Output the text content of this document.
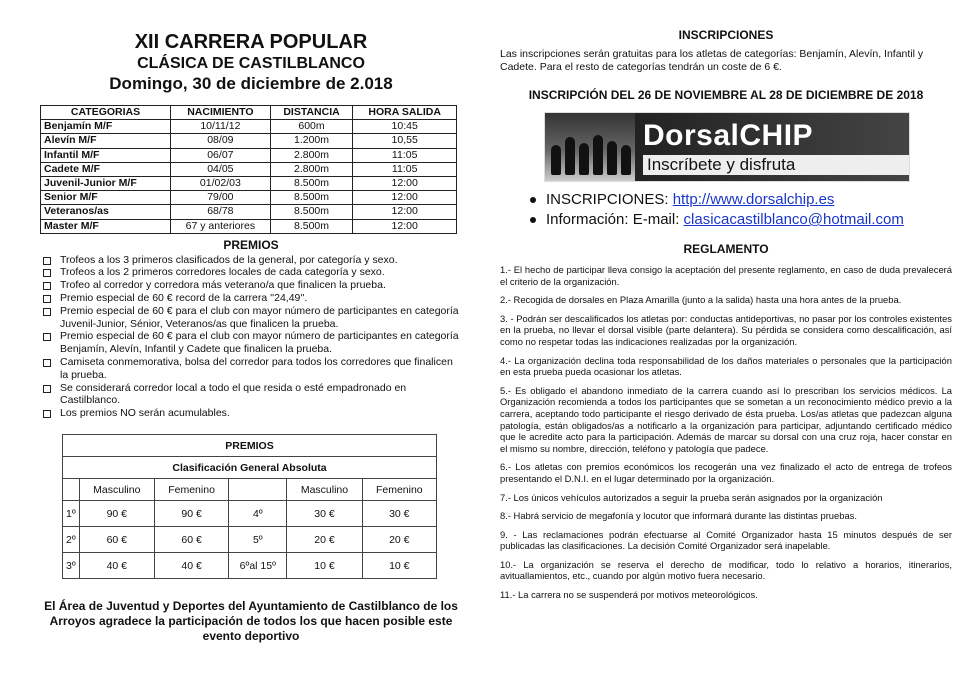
XII CARRERA POPULAR
CLÁSICA DE CASTILBLANCO
Domingo, 30 de diciembre de 2.018
CATEGORIAS	NACIMIENTO	DISTANCIA	HORA SALIDA
Benjamín M/F	10/11/12	600m	10:45
Alevín M/F	08/09	1.200m	10,55
Infantil M/F	06/07	2.800m	11:05
Cadete M/F	04/05	2.800m	11:05
Juvenil-Junior M/F	01/02/03	8.500m	12:00
Senior M/F	79/00	8.500m	12:00
Veteranos/as	68/78	8.500m	12:00
Master M/F	67 y anteriores	8.500m	12:00
PREMIOS
Trofeos a los 3 primeros clasificados de la general, por categoría y sexo.
Trofeos a los 2 primeros corredores locales de cada categoría y sexo.
Trofeo al corredor y corredora más veterano/a que finalicen la prueba.
Premio especial de 60 € record de la carrera ''24,49''.
Premio especial de 60 € para el club con mayor número de participantes en categoría Juvenil-Junior, Sénior, Veteranos/as que finalicen la prueba.
Premio especial de 60 € para el club con mayor número de participantes en categoría Benjamín, Alevín, Infantil y Cadete que finalicen la prueba.
Camiseta conmemorativa, bolsa del corredor para todos los corredores que finalicen la prueba.
Se considerará corredor local a todo el que resida o esté empadronado en Castilblanco.
Los premios NO serán acumulables.
PREMIOS					
Clasificación General Absoluta					
	Masculino	Femenino		Masculino	Femenino
1º	90 €	90 €	4º	30 €	30 €
2º	60 €	60 €	5º	20 €	20 €
3º	40 €	40 €	6ºal 15º	10 €	10 €
El Área de Juventud y Deportes del Ayuntamiento de Castilblanco de los Arroyos agradece la participación de todos los que hacen posible este evento deportivo
INSCRIPCIONES
Las inscripciones serán gratuitas para los atletas de categorías: Benjamín, Alevín, Infantil y Cadete. Para el resto de categorías tendrán un coste de 6 €.
INSCRIPCIÓN DEL 26 DE NOVIEMBRE AL 28 DE DICIEMBRE DE 2018
DorsalCHIP
Inscríbete y disfruta
INSCRIPCIONES: http://www.dorsalchip.es
Información: E-mail: clasicacastilblanco@hotmail.com
REGLAMENTO

1.- El hecho de participar lleva consigo la aceptación del presente reglamento, en caso de duda prevalecerá el criterio de la organización.

2.- Recogida de dorsales en Plaza Amarilla (junto a la salida) hasta una hora antes de la prueba.

3. - Podrán ser descalificados los atletas por: conductas antideportivas, no pasar por los controles existentes en la prueba, no llevar el dorsal visible (parte delantera). Su pérdida se considera como descalificación, así como no respetar todas las indicaciones realizadas por la organización.

4.- La organización declina toda responsabilidad de los daños materiales o personales que la participación en esta prueba pueda ocasionar los atletas.

5.- Es obligado el abandono inmediato de la carrera cuando así lo prescriban los servicios médicos. La Organización recomienda a todos los participantes que se sometan a un reconocimiento médico previo a la carrera, aceptando todo participante el riesgo derivado de ésta prueba. Los/as atletas que padezcan alguna patología, están obligados/as a notificarlo a la organización para participar, adjuntando certificado médico que le acredite acto para la participación. Además de marcar su dorsal con una cruz roja, hacer constar en el mismo su nombre, dirección, teléfono y patología que padece.

6.- Los atletas con premios económicos los recogerán una vez finalizado el acto de entrega de trofeos presentando el D.N.I. en el lugar determinado por la organización.

7.- Los únicos vehículos autorizados a seguir la prueba serán asignados por la organización

8.- Habrá servicio de megafonía y locutor que informará durante las distintas pruebas.

9. - Las reclamaciones podrán efectuarse al Comité Organizador hasta 15 minutos después de ser publicadas las clasificaciones. La decisión Comité Organizador será inapelable.

10.- La organización se reserva el derecho de modificar, todo lo relativo a horarios, itinerarios, avituallamientos, etc., cuando por algún motivo fuera necesario.

11.- La carrera no se suspenderá por motivos meteorológicos.
